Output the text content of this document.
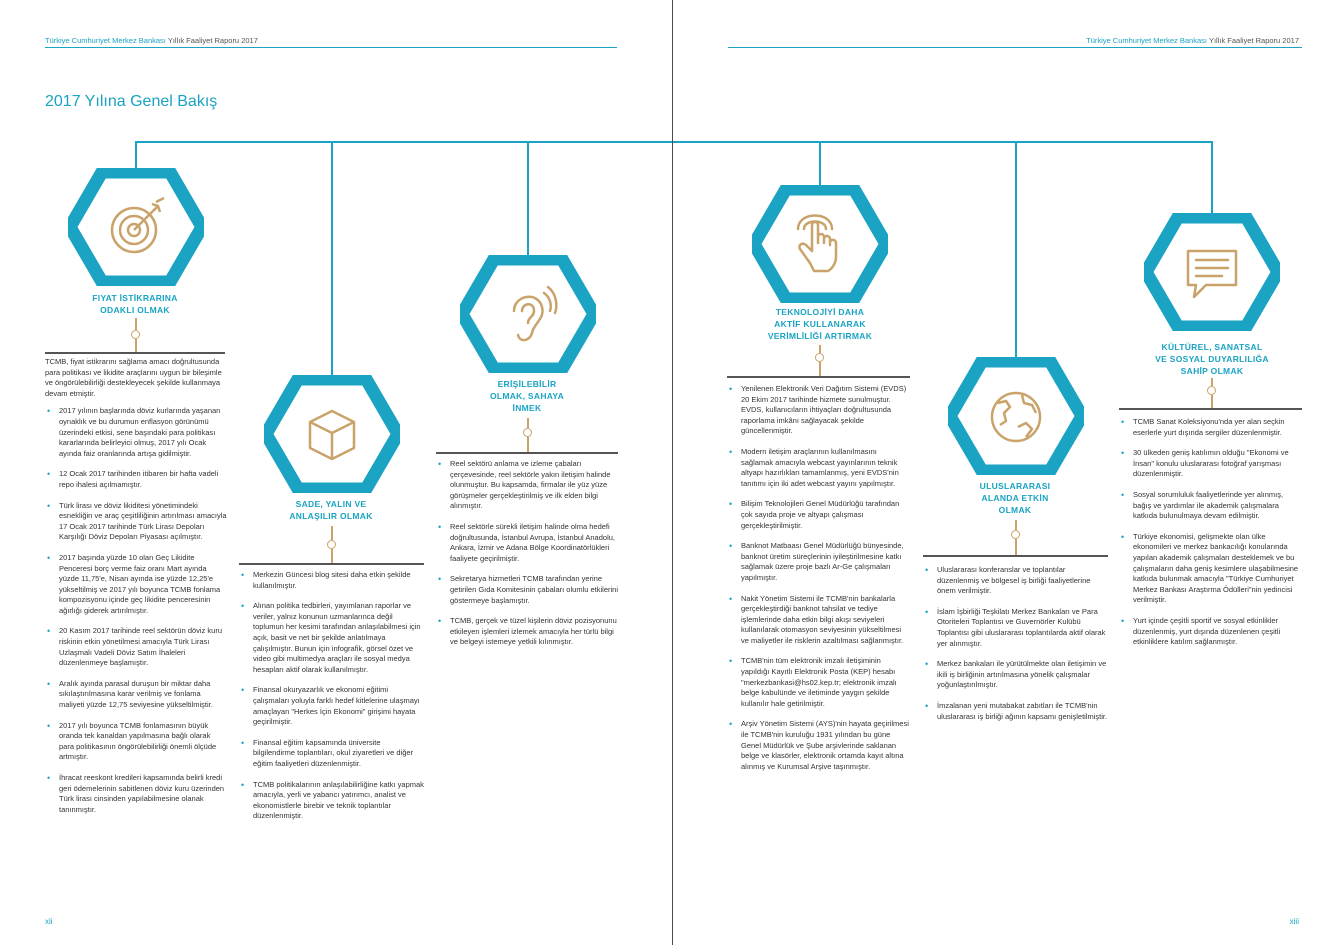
Türkiye Cumhuriyet Merkez Bankası Yıllık Faaliyet Raporu 2017
2017 Yılına Genel Bakış
FIYAT İSTİKRARINA
ODAKLI OLMAK

TCMB, fiyat istikrarını sağlama amacı doğrultusunda para politikası ve likidite araçlarını uygun bir bileşimle ve öngörülebilirliği destekleyecek şekilde kullanmaya devam etmiştir.

• 2017 yılının başlarında döviz kurlarında yaşanan oynaklık ve bu durumun enflasyon görünümü üzerindeki etkisi, sene başındaki para politikası kararlarında belirleyici olmuş, 2017 yılı Ocak ayında faiz oranlarında artışa gidilmiştir.
• 12 Ocak 2017 tarihinden itibaren bir hafta vadeli repo ihalesi açılmamıştır.
• Türk lirası ve döviz likiditesi yönetimindeki esnekliğin ve araç çeşitliliğinin artırılması amacıyla 17 Ocak 2017 tarihinde Türk Lirası Depoları Karşılığı Döviz Depoları Piyasası açılmıştır.
• 2017 başında yüzde 10 olan Geç Likidite Penceresi borç verme faiz oranı Mart ayında yüzde 11,75'e, Nisan ayında ise yüzde 12,25'e yükseltilmiş ve 2017 yılı boyunca TCMB fonlama kompozisyonu içinde geç likidite penceresinin ağırlığı giderek artırılmıştır.
• 20 Kasım 2017 tarihinde reel sektörün döviz kuru riskinin etkin yönetilmesi amacıyla Türk Lirası Uzlaşmalı Vadeli Döviz Satım İhaleleri düzenlenmeye başlamıştır.
• Aralık ayında parasal duruşun bir miktar daha sıkılaştırılmasına karar verilmiş ve fonlama maliyeti yüzde 12,75 seviyesine yükseltilmiştir.
• 2017 yılı boyunca TCMB fonlamasının büyük oranda tek kanaldan yapılmasına bağlı olarak para politikasının öngörülebilirliği önemli ölçüde artmıştır.
• İhracat reeskont kredileri kapsamında belirli kredi geri ödemelerinin sabitlenen döviz kuru üzerinden Türk lirası cinsinden yapılabilmesine olanak tanınmıştır.
SADE, YALIN VE
ANLAŞILIR OLMAK
• Merkezin Güncesi blog sitesi daha etkin şekilde kullanılmıştır.
• Alınan politika tedbirleri, yayımlanan raporlar ve veriler, yalnız konunun uzmanlarınca değil toplumun her kesimi tarafından anlaşılabilmesi için açık, basit ve net bir şekilde anlatılmaya çalışılmıştır. Bunun için infografik, görsel özet ve video gibi multimedya araçları ile sosyal medya hesapları aktif olarak kullanılmıştır.
• Finansal okuryazarlık ve ekonomi eğitimi çalışmaları yoluyla farklı hedef kitlelerine ulaşmayı amaçlayan "Herkes İçin Ekonomi" girişimi hayata geçirilmiştir.
• Finansal eğitim kapsamında üniversite bilgilendirme toplantıları, okul ziyaretleri ve diğer eğitim faaliyetleri düzenlenmiştir.
• TCMB politikalarının anlaşılabilirliğine katkı yapmak amacıyla, yerli ve yabancı yatırımcı, analist ve ekonomistlerle birebir ve teknik toplantılar düzenlenmiştir.
ERİŞİLEBİLİR
OLMAK, SAHAYA
İNMEK
• Reel sektörü anlama ve izleme çabaları çerçevesinde, reel sektörle yakın iletişim halinde olunmuştur. Bu kapsamda, firmalar ile yüz yüze görüşmeler gerçekleştirilmiş ve ilk elden bilgi alınmıştır.
• Reel sektörle sürekli iletişim halinde olma hedefi doğrultusunda, İstanbul Avrupa, İstanbul Anadolu, Ankara, İzmir ve Adana Bölge Koordinatörlükleri faaliyete geçirilmiştir.
• Sekretarya hizmetleri TCMB tarafından yerine getirilen Gıda Komitesinin çabaları olumlu etkilerini göstermeye başlamıştır.
• TCMB, gerçek ve tüzel kişilerin döviz pozisyonunu etkileyen işlemleri izlemek amacıyla her türlü bilgi ve belgeyi istemeye yetkili kılınmıştır.
xii
Türkiye Cumhuriyet Merkez Bankası Yıllık Faaliyet Raporu 2017
TEKNOLOJİYİ DAHA
AKTİF KULLANARAK
VERİMLİLİĞİ ARTIRMAK
• Yenilenen Elektronik Veri Dağıtım Sistemi (EVDS) 20 Ekim 2017 tarihinde hizmete sunulmuştur. EVDS, kullanıcıların ihtiyaçları doğrultusunda raporlama imkânı sağlayacak şekilde güncellenmiştir.
• Modern iletişim araçlarının kullanılmasını sağlamak amacıyla webcast yayınlarının teknik altyapı hazırlıkları tamamlanmış, yeni EVDS'nin tanıtımı için iki adet webcast yayını yapılmıştır.
• Bilişim Teknolojileri Genel Müdürlüğü tarafından çok sayıda proje ve altyapı çalışması gerçekleştirilmiştir.
• Banknot Matbaası Genel Müdürlüğü bünyesinde, banknot üretim süreçlerinin iyileştirilmesine katkı sağlamak üzere proje bazlı Ar-Ge çalışmaları yapılmıştır.
• Nakit Yönetim Sistemi ile TCMB'nin bankalarla gerçekleştirdiği banknot tahsilat ve tediye işlemlerinde daha etkin bilgi akışı seviyeleri kullanılarak otomasyon seviyesinin yükseltilmesi ve maliyetler ile risklerin azaltılması sağlanmıştır.
• TCMB'nin tüm elektronik imzalı iletişiminin yapıldığı Kayıtlı Elektronik Posta (KEP) hesabı "merkezbankasi@hs02.kep.tr; elektronik imzalı belge kabulünde ve iletiminde yaygın şekilde kullanılır hale getirilmiştir.
• Arşiv Yönetim Sistemi (AYS)'nin hayata geçirilmesi ile TCMB'nin kuruluğu 1931 yılından bu güne Genel Müdürlük ve Şube arşivlerinde saklanan belge ve klasörler, elektronik ortamda kayıt altına alınmış ve Kurumsal Arşive taşınmıştır.
ULUSLARARASI
ALANDA ETKİN
OLMAK
• Uluslararası konferanslar ve toplantılar düzenlenmiş ve bölgesel iş birliği faaliyetlerine önem verilmiştir.
• İslam İşbirliği Teşkilatı Merkez Bankaları ve Para Otoriteleri Toplantısı ve Guvernörler Kulübü Toplantısı gibi uluslararası toplantılarda aktif olarak yer alınmıştır.
• Merkez bankaları ile yürütülmekte olan iletişimin ve ikili iş birliğinin artırılmasına yönelik çalışmalar yoğunlaştırılmıştır.
• İmzalanan yeni mutabakat zabıtları ile TCMB'nin uluslararası iş birliği ağının kapsamı genişletilmiştir.
KÜLTÜREL, SANATSAL
VE SOSYAL DUYARLILIĞA
SAHİP OLMAK
• TCMB Sanat Koleksiyonu'nda yer alan seçkin eserlerle yurt dışında sergiler düzenlenmiştir.
• 30 ülkeden geniş katılımın olduğu "Ekonomi ve İnsan" konulu uluslararası fotoğraf yarışması düzenlenmiştir.
• Sosyal sorumluluk faaliyetlerinde yer alınmış, bağış ve yardımlar ile akademik çalışmalara katkıda bulunulmaya devam edilmiştir.
• Türkiye ekonomisi, gelişmekte olan ülke ekonomileri ve merkez bankacılığı konularında yapılan akademik çalışmaları desteklemek ve bu çalışmaların daha geniş kesimlere ulaşabilmesine katkıda bulunmak amacıyla "Türkiye Cumhuriyet Merkez Bankası Araştırma Ödülleri"nin yedincisi verilmiştir.
• Yurt içinde çeşitli sportif ve sosyal etkinlikler düzenlenmiş, yurt dışında düzenlenen çeşitli etkinliklere katılım sağlanmıştır.
xiii
